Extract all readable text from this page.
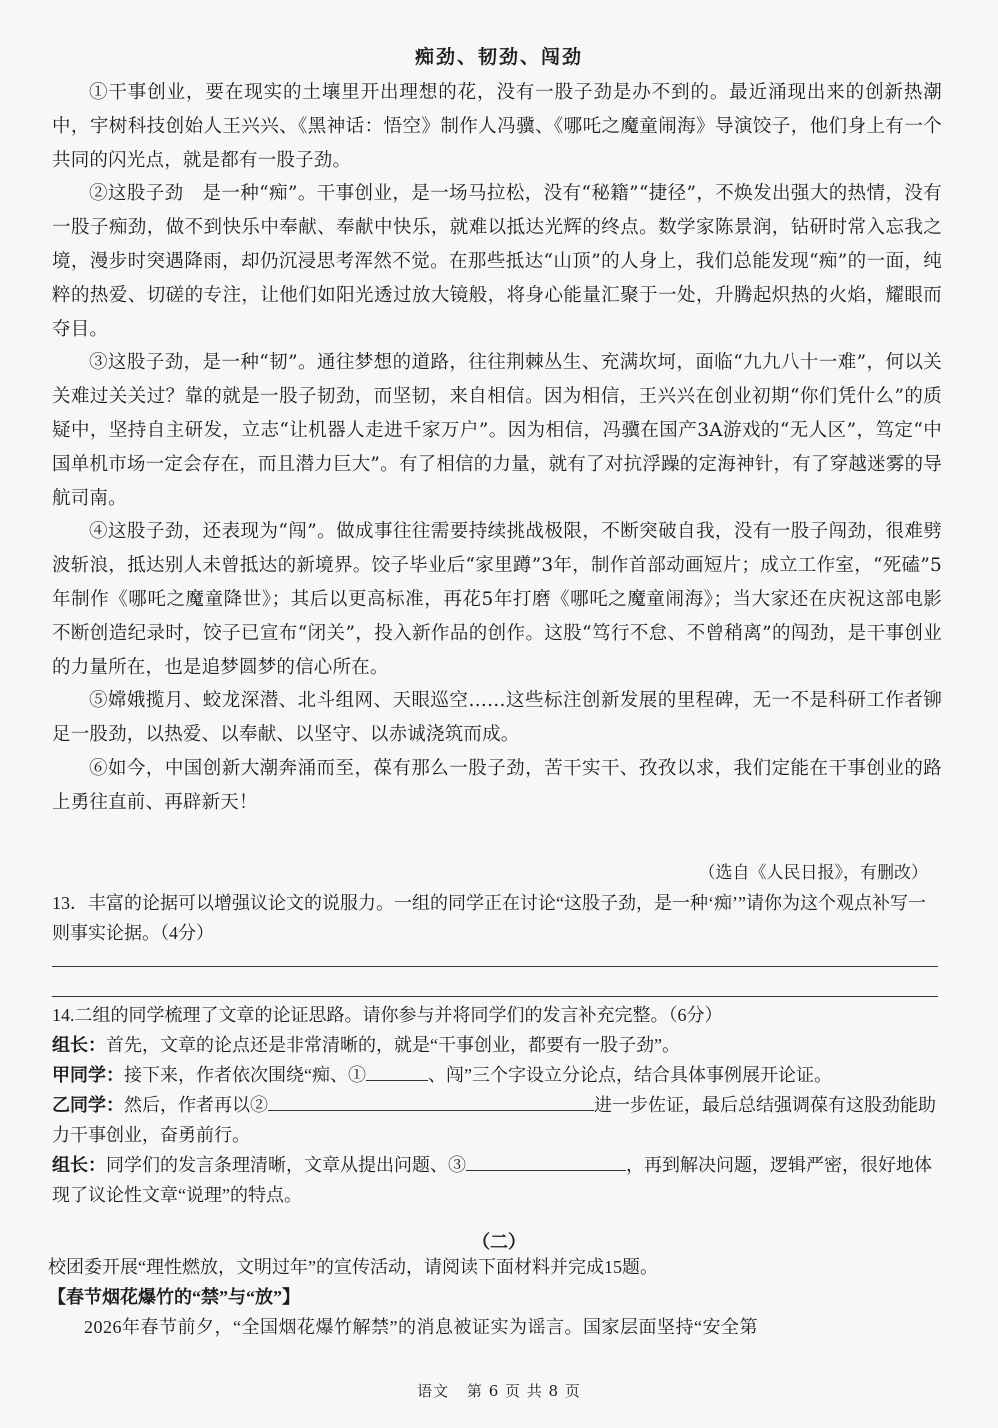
痴劲、韧劲、闯劲

①干事创业，要在现实的土壤里开出理想的花，没有一股子劲是办不到的。最近涌现出来的创新热潮中，宇树科技创始人王兴兴、《黑神话：悟空》制作人冯骥、《哪吒之魔童闹海》导演饺子，他们身上有一个共同的闪光点，就是都有一股子劲。

②这股子劲　是一种“痴”。干事创业，是一场马拉松，没有“秘籍”“捷径”，不焕发出强大的热情，没有一股子痴劲，做不到快乐中奉献、奉献中快乐，就难以抵达光辉的终点。数学家陈景润，钻研时常入忘我之境，漫步时突遇降雨，却仍沉浸思考浑然不觉。在那些抵达“山顶”的人身上，我们总能发现“痴”的一面，纯粹的热爱、切磋的专注，让他们如阳光透过放大镜般，将身心能量汇聚于一处，升腾起炽热的火焰，耀眼而夺目。

③这股子劲，是一种“韧”。通往梦想的道路，往往荆棘丛生、充满坎坷，面临“九九八十一难”，何以关关难过关关过？靠的就是一股子韧劲，而坚韧，来自相信。因为相信，王兴兴在创业初期“你们凭什么”的质疑中，坚持自主研发，立志“让机器人走进千家万户”。因为相信，冯骥在国产3A游戏的“无人区”，笃定“中国单机市场一定会存在，而且潜力巨大”。有了相信的力量，就有了对抗浮躁的定海神针，有了穿越迷雾的导航司南。

④这股子劲，还表现为“闯”。做成事往往需要持续挑战极限，不断突破自我，没有一股子闯劲，很难劈波斩浪，抵达别人未曾抵达的新境界。饺子毕业后“家里蹲”3年，制作首部动画短片；成立工作室，“死磕”5年制作《哪吒之魔童降世》；其后以更高标准，再花5年打磨《哪吒之魔童闹海》；当大家还在庆祝这部电影不断创造纪录时，饺子已宣布“闭关”，投入新作品的创作。这股“笃行不怠、不曾稍离”的闯劲，是干事创业的力量所在，也是追梦圆梦的信心所在。

⑤嫦娥揽月、蛟龙深潜、北斗组网、天眼巡空……这些标注创新发展的里程碑，无一不是科研工作者铆足一股劲，以热爱、以奉献、以坚守、以赤诚浇筑而成。

⑥如今，中国创新大潮奔涌而至，葆有那么一股子劲，苦干实干、孜孜以求，我们定能在干事创业的路上勇往直前、再辟新天！

（选自《人民日报》，有删改）
13．丰富的论据可以增强议论文的说服力。一组的同学正在讨论“这股子劲，是一种‘痴’”请你为这个观点补写一则事实论据。（4分）
14.二组的同学梳理了文章的论证思路。请你参与并将同学们的发言补充完整。（6分）
组长：首先，文章的论点还是非常清晰的，就是“干事创业，都要有一股子劲”。
甲同学：接下来，作者依次围绕“痴、①	、闯”三个字设立分论点，结合具体事例展开论证。
乙同学：然后，作者再以②	进一步佐证，最后总结强调葆有这股劲能助力干事创业，奋勇前行。
组长：同学们的发言条理清晰，文章从提出问题、③	，再到解决问题，逻辑严密，很好地体现了议论性文章“说理”的特点。
（二）
校团委开展“理性燃放，文明过年”的宣传活动，请阅读下面材料并完成15题。
【春节烟花爆竹的“禁”与“放”】
2026年春节前夕，“全国烟花爆竹解禁”的消息被证实为谣言。国家层面坚持“安全第
语文 第 6 页 共 8 页
